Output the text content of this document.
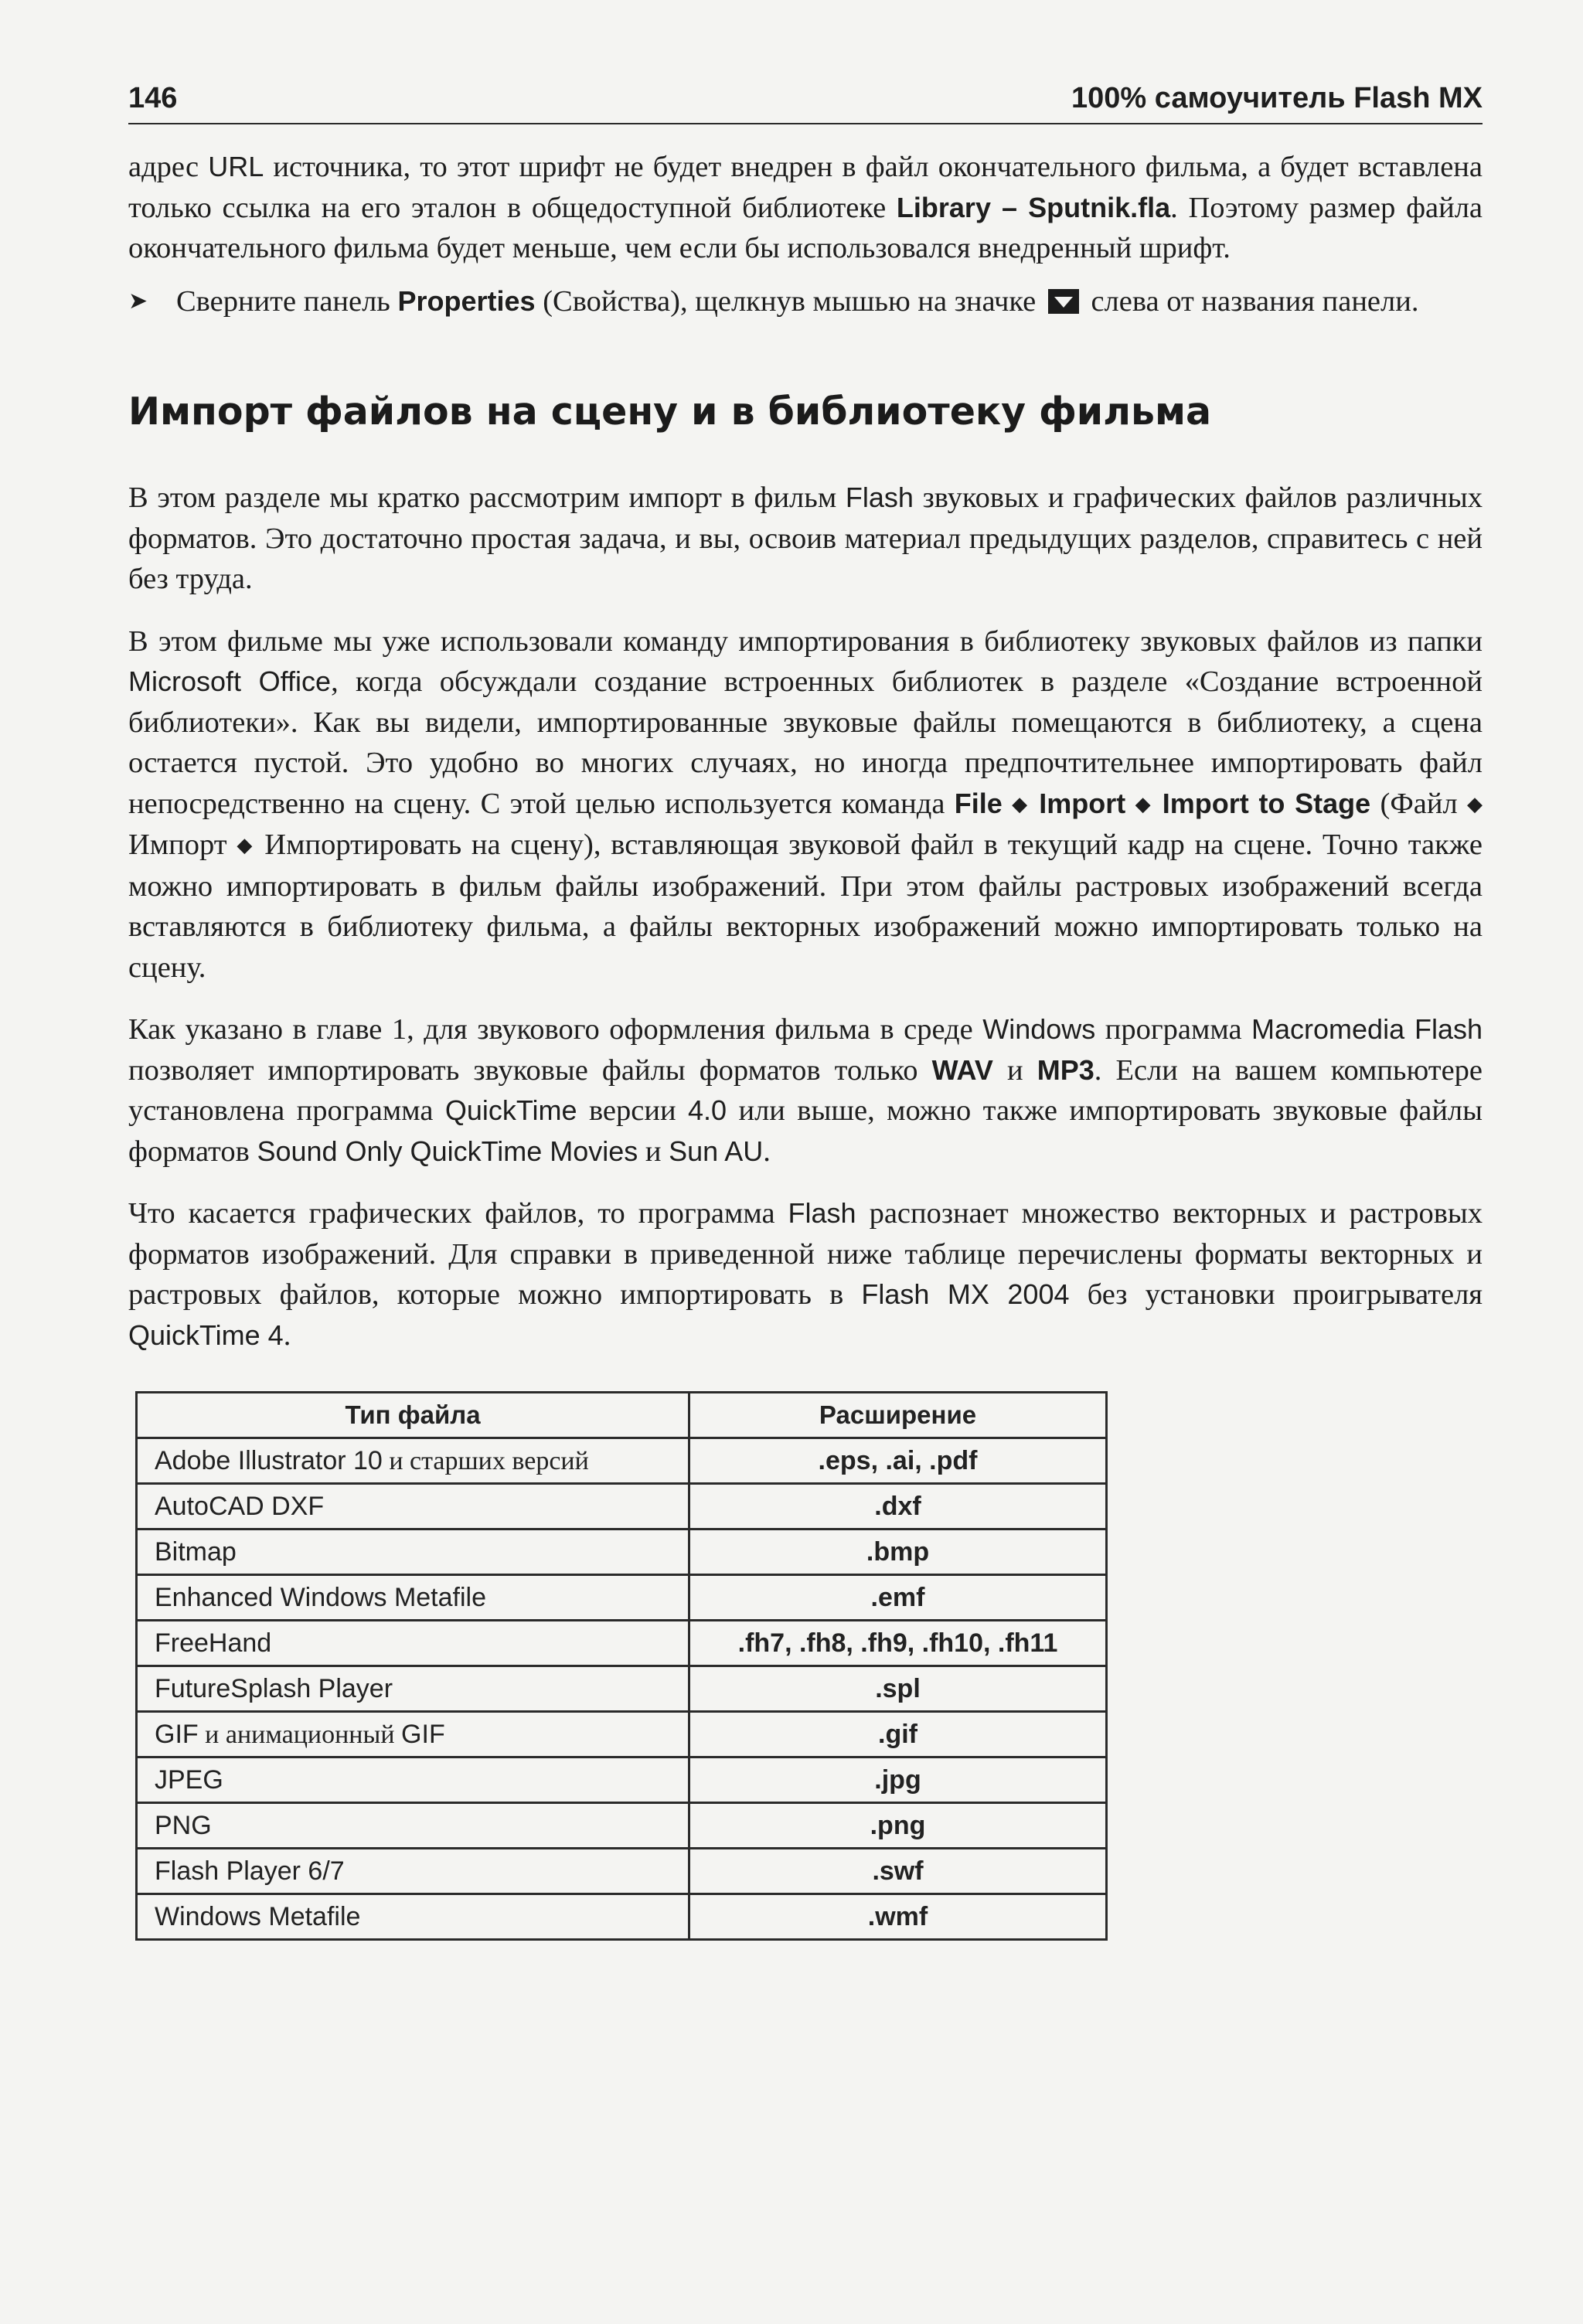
146	100% самоучитель Flash MX

адрес URL источника, то этот шрифт не будет внедрен в файл окончательного фильма, а будет вставлена только ссылка на его эталон в общедоступной библиотеке Library – Sputnik.fla. Поэтому размер файла окончательного фильма будет меньше, чем если бы использовался внедренный шрифт.

➤ Сверните панель Properties (Свойства), щелкнув мышью на значке  слева от названия панели.

Импорт файлов на сцену и в библиотеку фильма

В этом разделе мы кратко рассмотрим импорт в фильм Flash звуковых и графических файлов различных форматов. Это достаточно простая задача, и вы, освоив материал предыдущих разделов, справитесь с ней без труда.

В этом фильме мы уже использовали команду импортирования в библиотеку звуковых файлов из папки Microsoft Office, когда обсуждали создание встроенных библиотек в разделе «Создание встроенной библиотеки». Как вы видели, импортированные звуковые файлы помещаются в библиотеку, а сцена остается пустой. Это удобно во многих случаях, но иногда предпочтительнее импортировать файл непосредственно на сцену. С этой целью используется команда File ◆ Import ◆ Import to Stage (Файл ◆ Импорт ◆ Импортировать на сцену), вставляющая звуковой файл в текущий кадр на сцене. Точно также можно импортировать в фильм файлы изображений. При этом файлы растровых изображений всегда вставляются в библиотеку фильма, а файлы векторных изображений можно импортировать только на сцену.

Как указано в главе 1, для звукового оформления фильма в среде Windows программа Macromedia Flash позволяет импортировать звуковые файлы форматов только WAV и MP3. Если на вашем компьютере установлена программа QuickTime версии 4.0 или выше, можно также импортировать звуковые файлы форматов Sound Only QuickTime Movies и Sun AU.

Что касается графических файлов, то программа Flash распознает множество векторных и растровых форматов изображений. Для справки в приведенной ниже таблице перечислены форматы векторных и растровых файлов, которые можно импортировать в Flash MX 2004 без установки проигрывателя QuickTime 4.

Тип файла	Расширение
Adobe Illustrator 10 и старших версий	.eps, .ai, .pdf
AutoCAD DXF	.dxf
Bitmap	.bmp
Enhanced Windows Metafile	.emf
FreeHand	.fh7, .fh8, .fh9, .fh10, .fh11
FutureSplash Player	.spl
GIF и анимационный GIF	.gif
JPEG	.jpg
PNG	.png
Flash Player 6/7	.swf
Windows Metafile	.wmf
